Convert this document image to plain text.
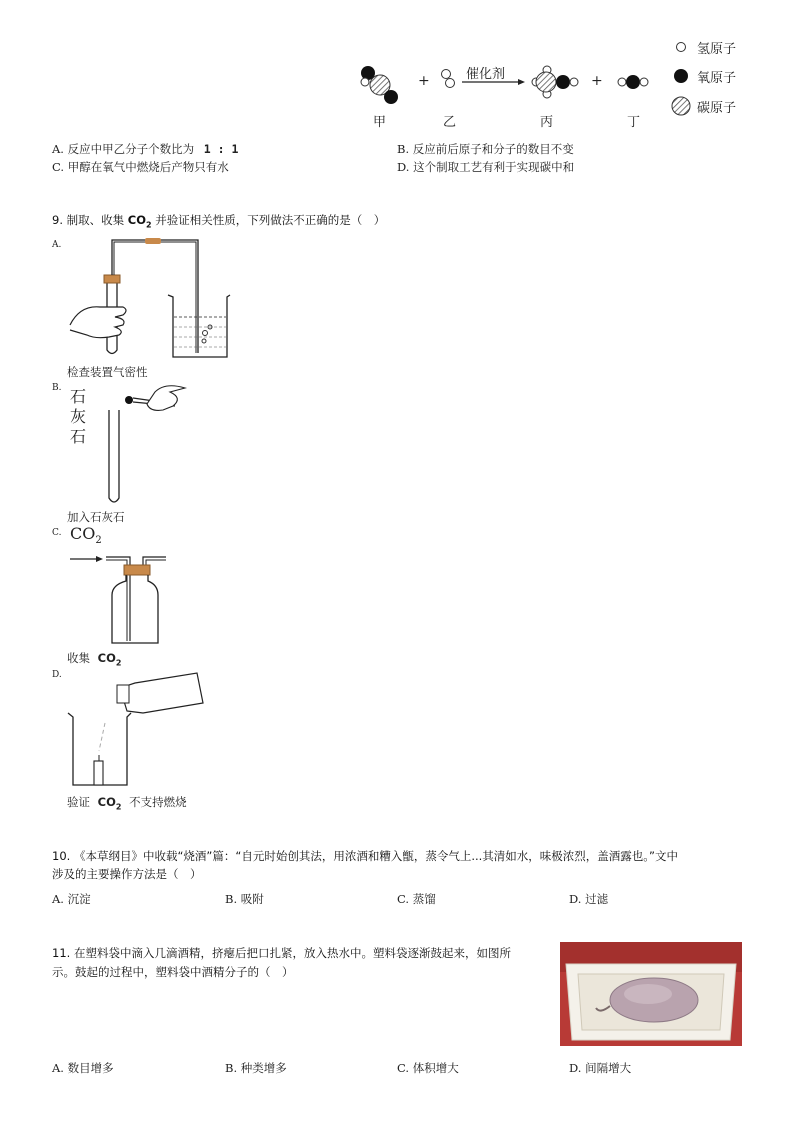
+	+
催化剂
甲	乙	丙	丁
氢原子
氧原子
碳原子
A. 反应中甲乙分子个数比为 1 : 1	B. 反应前后原子和分子的数目不变
C. 甲醇在氧气中燃烧后产物只有水	D. 这个制取工艺有利于实现碳中和
9. 制取、收集 $CO_2$ 并验证相关性质，下列做法不正确的是（　）
A.
检查装置气密性
B. 石
灰
石
加入石灰石
C. $CO_2$
收集 $CO_2$
D.
验证 $CO_2$ 不支持燃烧
10. 《本草纲目》中收载“烧酒”篇：“自元时始创其法，用浓酒和糟入甑，蒸令气上...其清如水，味极浓烈，盖酒露也。”文中
涉及的主要操作方法是（　）
A. 沉淀	B. 吸附	C. 蒸馏	D. 过滤
11. 在塑料袋中滴入几滴酒精，挤瘪后把口扎紧，放入热水中。塑料袋逐渐鼓起来，如图所
示。鼓起的过程中，塑料袋中酒精分子的（　）
A. 数目增多	B. 种类增多	C. 体积增大	D. 间隔增大
